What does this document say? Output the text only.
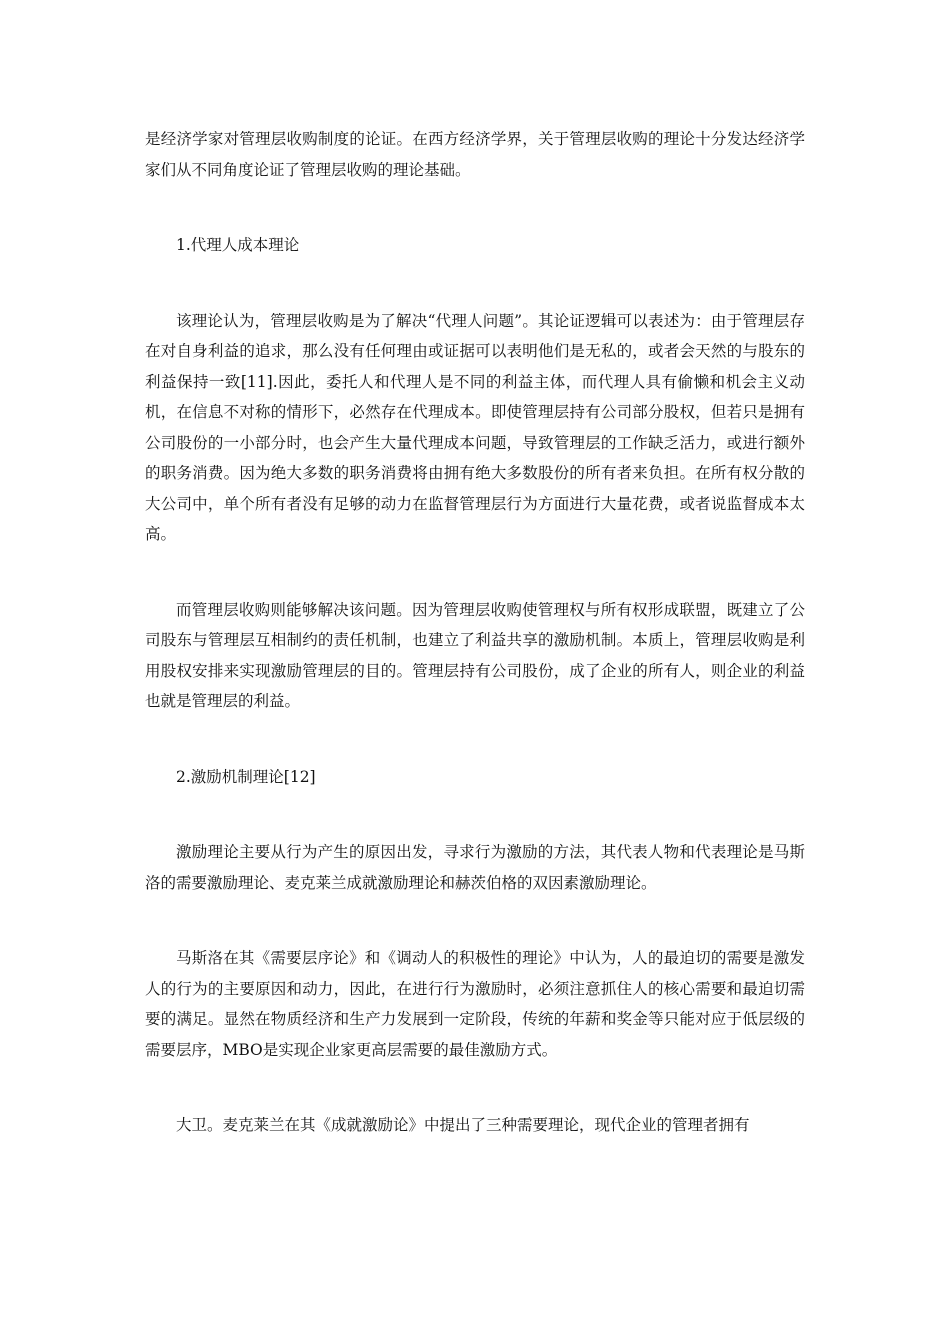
是经济学家对管理层收购制度的论证。在西方经济学界，关于管理层收购的理论十分发达经济学家们从不同角度论证了管理层收购的理论基础。

1.代理人成本理论

该理论认为，管理层收购是为了解决“代理人问题”。其论证逻辑可以表述为：由于管理层存在对自身利益的追求，那么没有任何理由或证据可以表明他们是无私的，或者会天然的与股东的利益保持一致[11].因此，委托人和代理人是不同的利益主体，而代理人具有偷懒和机会主义动机，在信息不对称的情形下，必然存在代理成本。即使管理层持有公司部分股权，但若只是拥有公司股份的一小部分时，也会产生大量代理成本问题，导致管理层的工作缺乏活力，或进行额外的职务消费。因为绝大多数的职务消费将由拥有绝大多数股份的所有者来负担。在所有权分散的大公司中，单个所有者没有足够的动力在监督管理层行为方面进行大量花费，或者说监督成本太高。

而管理层收购则能够解决该问题。因为管理层收购使管理权与所有权形成联盟，既建立了公司股东与管理层互相制约的责任机制，也建立了利益共享的激励机制。本质上，管理层收购是利用股权安排来实现激励管理层的目的。管理层持有公司股份，成了企业的所有人，则企业的利益也就是管理层的利益。

2.激励机制理论[12]

激励理论主要从行为产生的原因出发，寻求行为激励的方法，其代表人物和代表理论是马斯洛的需要激励理论、麦克莱兰成就激励理论和赫茨伯格的双因素激励理论。

马斯洛在其《需要层序论》和《调动人的积极性的理论》中认为，人的最迫切的需要是激发人的行为的主要原因和动力，因此，在进行行为激励时，必须注意抓住人的核心需要和最迫切需要的满足。显然在物质经济和生产力发展到一定阶段，传统的年薪和奖金等只能对应于低层级的需要层序，MBO是实现企业家更高层需要的最佳激励方式。

大卫。麦克莱兰在其《成就激励论》中提出了三种需要理论，现代企业的管理者拥有
